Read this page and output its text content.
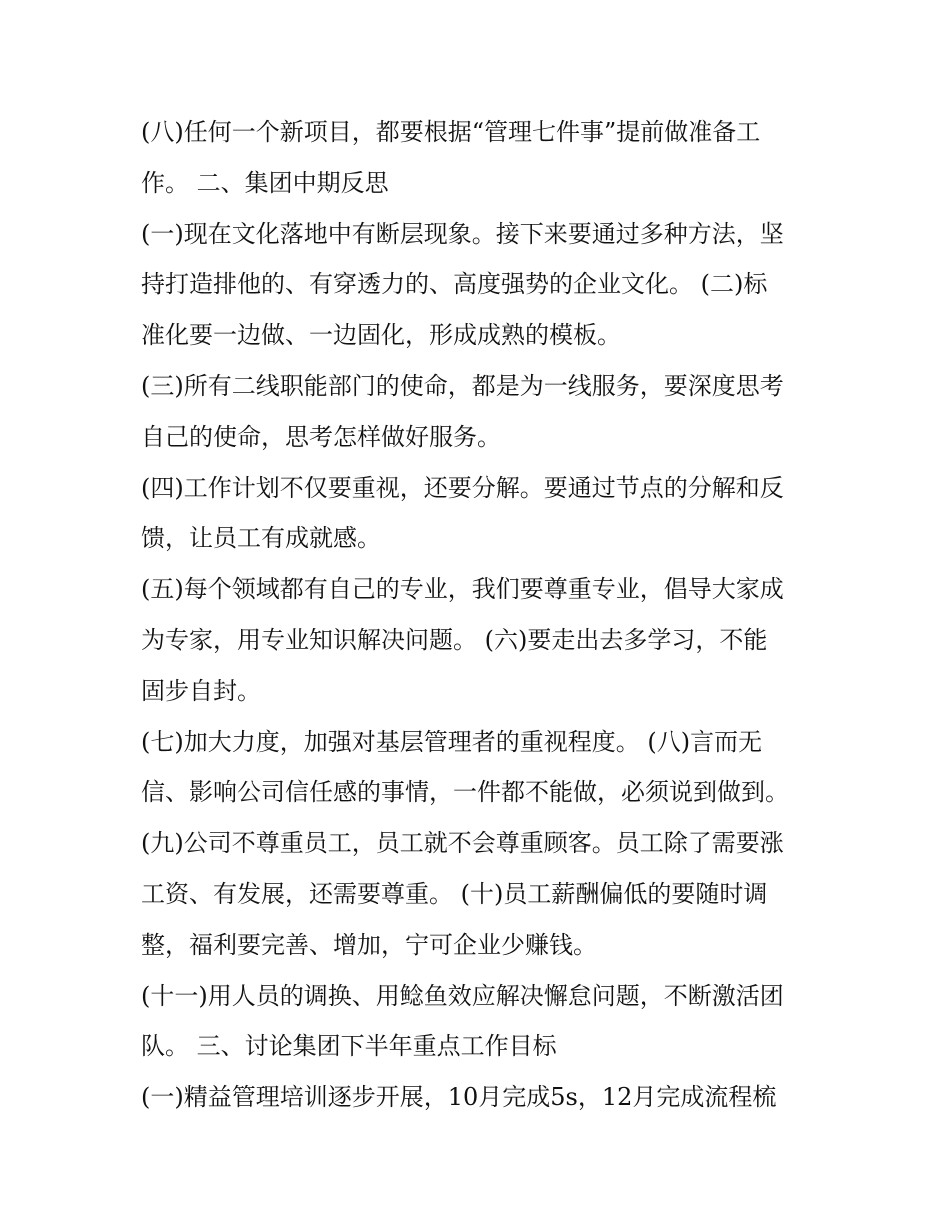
(八)任何一个新项目，都要根据“管理七件事”提前做准备工
作。 二、集团中期反思
(一)现在文化落地中有断层现象。接下来要通过多种方法，坚
持打造排他的、有穿透力的、高度强势的企业文化。 (二)标
准化要一边做、一边固化，形成成熟的模板。
(三)所有二线职能部门的使命，都是为一线服务，要深度思考
自己的使命，思考怎样做好服务。
(四)工作计划不仅要重视，还要分解。要通过节点的分解和反
馈，让员工有成就感。
(五)每个领域都有自己的专业，我们要尊重专业，倡导大家成
为专家，用专业知识解决问题。 (六)要走出去多学习，不能
固步自封。
(七)加大力度，加强对基层管理者的重视程度。 (八)言而无
信、影响公司信任感的事情，一件都不能做，必须说到做到。
(九)公司不尊重员工，员工就不会尊重顾客。员工除了需要涨
工资、有发展，还需要尊重。 (十)员工薪酬偏低的要随时调
整，福利要完善、增加，宁可企业少赚钱。
(十一)用人员的调换、用鲶鱼效应解决懈怠问题，不断激活团
队。 三、讨论集团下半年重点工作目标
(一)精益管理培训逐步开展，10月完成5s，12月完成流程梳
